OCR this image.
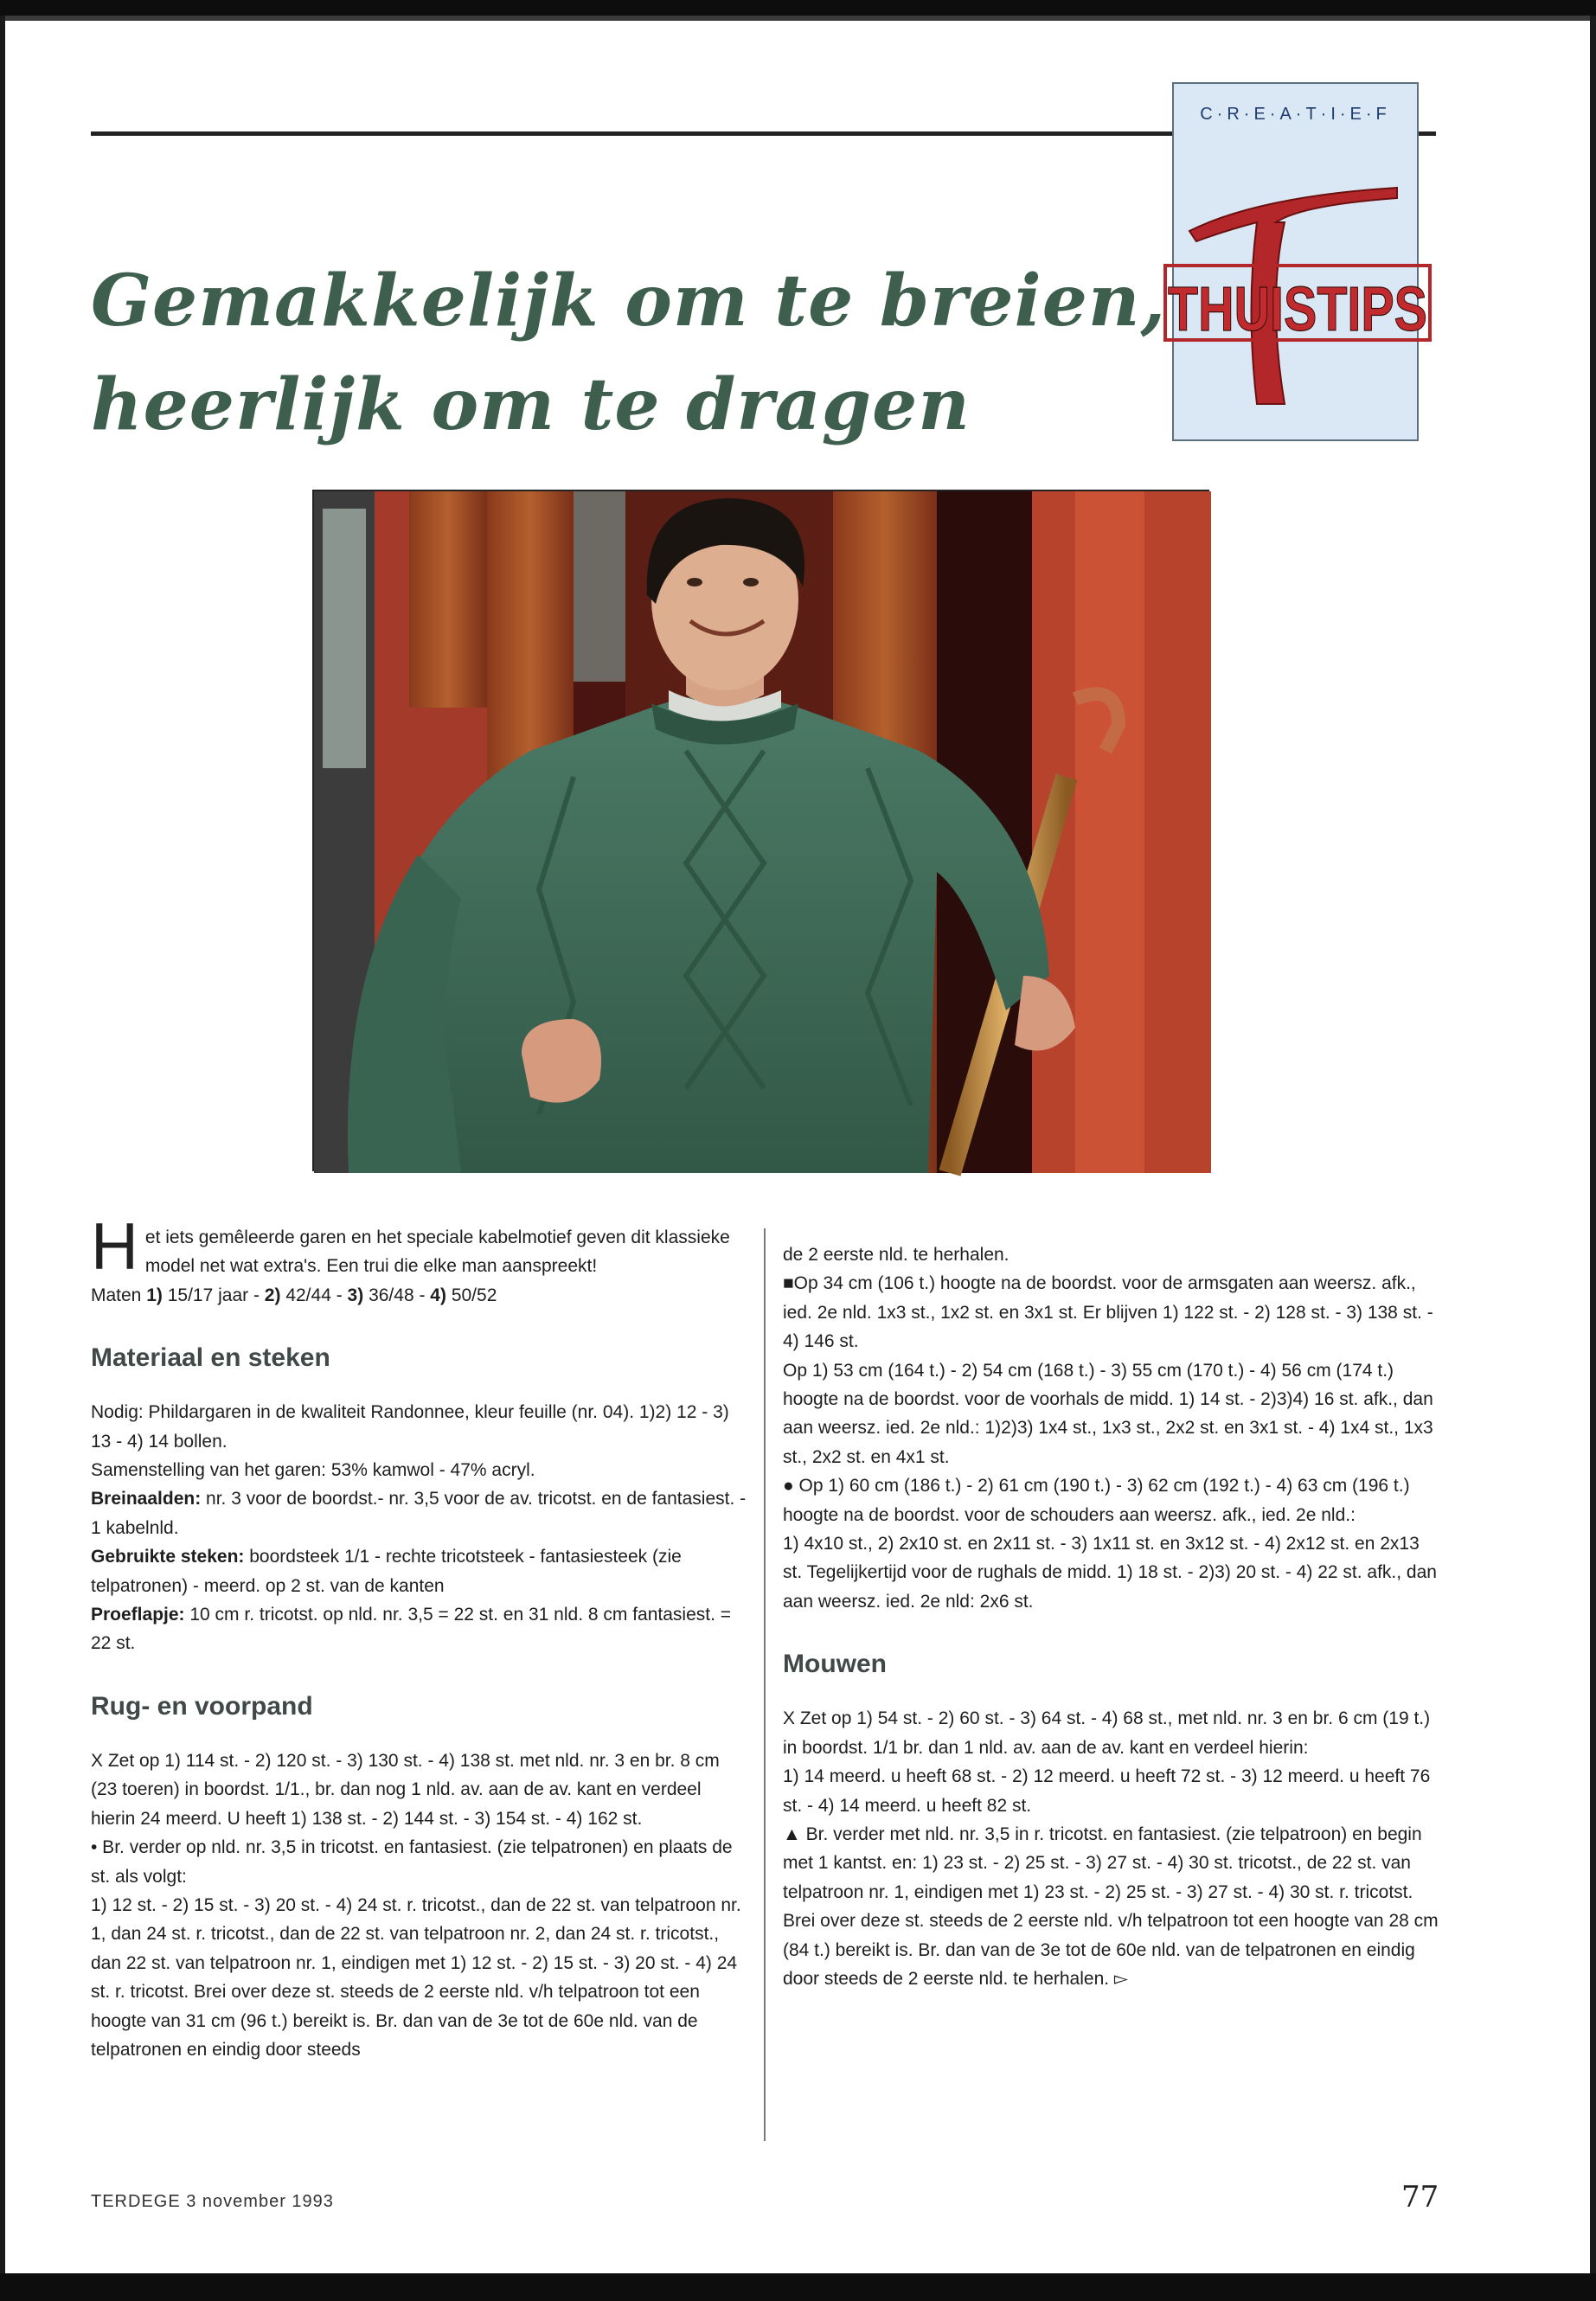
C·R·E·A·T·I·E·F
THUISTIPS
Gemakkelijk om te breien,
heerlijk om te dragen

Het iets gemêleerde garen en het speciale kabelmotief geven dit klassieke model net wat extra's. Een trui die elke man aanspreekt!

Maten 1) 15/17 jaar - 2) 42/44 - 3) 36/48 - 4) 50/52

Materiaal en steken

Nodig: Phildargaren in de kwaliteit Randonnee, kleur feuille (nr. 04). 1)2) 12 - 3) 13 - 4) 14 bollen.

Samenstelling van het garen: 53% kamwol - 47% acryl.

Breinaalden: nr. 3 voor de boordst.- nr. 3,5 voor de av. tricotst. en de fantasiest. - 1 kabelnld.

Gebruikte steken: boordsteek 1/1 - rechte tricotsteek - fantasiesteek (zie telpatronen) - meerd. op 2 st. van de kanten

Proeflapje: 10 cm r. tricotst. op nld. nr. 3,5 = 22 st. en 31 nld. 8 cm fantasiest. = 22 st.

Rug- en voorpand

X Zet op 1) 114 st. - 2) 120 st. - 3) 130 st. - 4) 138 st. met nld. nr. 3 en br. 8 cm (23 toeren) in boordst. 1/1., br. dan nog 1 nld. av. aan de av. kant en verdeel hierin 24 meerd. U heeft 1) 138 st. - 2) 144 st. - 3) 154 st. - 4) 162 st.

• Br. verder op nld. nr. 3,5 in tricotst. en fantasiest. (zie telpatronen) en plaats de st. als volgt:

1) 12 st. - 2) 15 st. - 3) 20 st. - 4) 24 st. r. tricotst., dan de 22 st. van telpatroon nr. 1, dan 24 st. r. tricotst., dan de 22 st. van telpatroon nr. 2, dan 24 st. r. tricotst., dan 22 st. van telpatroon nr. 1, eindigen met 1) 12 st. - 2) 15 st. - 3) 20 st. - 4) 24 st. r. tricotst. Brei over deze st. steeds de 2 eerste nld. v/h telpatroon tot een hoogte van 31 cm (96 t.) bereikt is. Br. dan van de 3e tot de 60e nld. van de telpatronen en eindig door steeds

de 2 eerste nld. te herhalen.

■Op 34 cm (106 t.) hoogte na de boordst. voor de armsgaten aan weersz. afk., ied. 2e nld. 1x3 st., 1x2 st. en 3x1 st. Er blijven 1) 122 st. - 2) 128 st. - 3) 138 st. - 4) 146 st.

Op 1) 53 cm (164 t.) - 2) 54 cm (168 t.) - 3) 55 cm (170 t.) - 4) 56 cm (174 t.) hoogte na de boordst. voor de voorhals de midd. 1) 14 st. - 2)3)4) 16 st. afk., dan aan weersz. ied. 2e nld.: 1)2)3) 1x4 st., 1x3 st., 2x2 st. en 3x1 st. - 4) 1x4 st., 1x3 st., 2x2 st. en 4x1 st.

● Op 1) 60 cm (186 t.) - 2) 61 cm (190 t.) - 3) 62 cm (192 t.) - 4) 63 cm (196 t.) hoogte na de boordst. voor de schouders aan weersz. afk., ied. 2e nld.:

1) 4x10 st., 2) 2x10 st. en 2x11 st. - 3) 1x11 st. en 3x12 st. - 4) 2x12 st. en 2x13 st. Tegelijkertijd voor de rughals de midd. 1) 18 st. - 2)3) 20 st. - 4) 22 st. afk., dan aan weersz. ied. 2e nld: 2x6 st.

Mouwen

X Zet op 1) 54 st. - 2) 60 st. - 3) 64 st. - 4) 68 st., met nld. nr. 3 en br. 6 cm (19 t.) in boordst. 1/1 br. dan 1 nld. av. aan de av. kant en verdeel hierin:

1) 14 meerd. u heeft 68 st. - 2) 12 meerd. u heeft 72 st. - 3) 12 meerd. u heeft 76 st. - 4) 14 meerd. u heeft 82 st.

▲ Br. verder met nld. nr. 3,5 in r. tricotst. en fantasiest. (zie telpatroon) en begin met 1 kantst. en: 1) 23 st. - 2) 25 st. - 3) 27 st. - 4) 30 st. tricotst., de 22 st. van telpatroon nr. 1, eindigen met 1) 23 st. - 2) 25 st. - 3) 27 st. - 4) 30 st. r. tricotst. Brei over deze st. steeds de 2 eerste nld. v/h telpatroon tot een hoogte van 28 cm (84 t.) bereikt is. Br. dan van de 3e tot de 60e nld. van de telpatronen en eindig door steeds de 2 eerste nld. te herhalen. ▻

TERDEGE 3 november 1993	77
